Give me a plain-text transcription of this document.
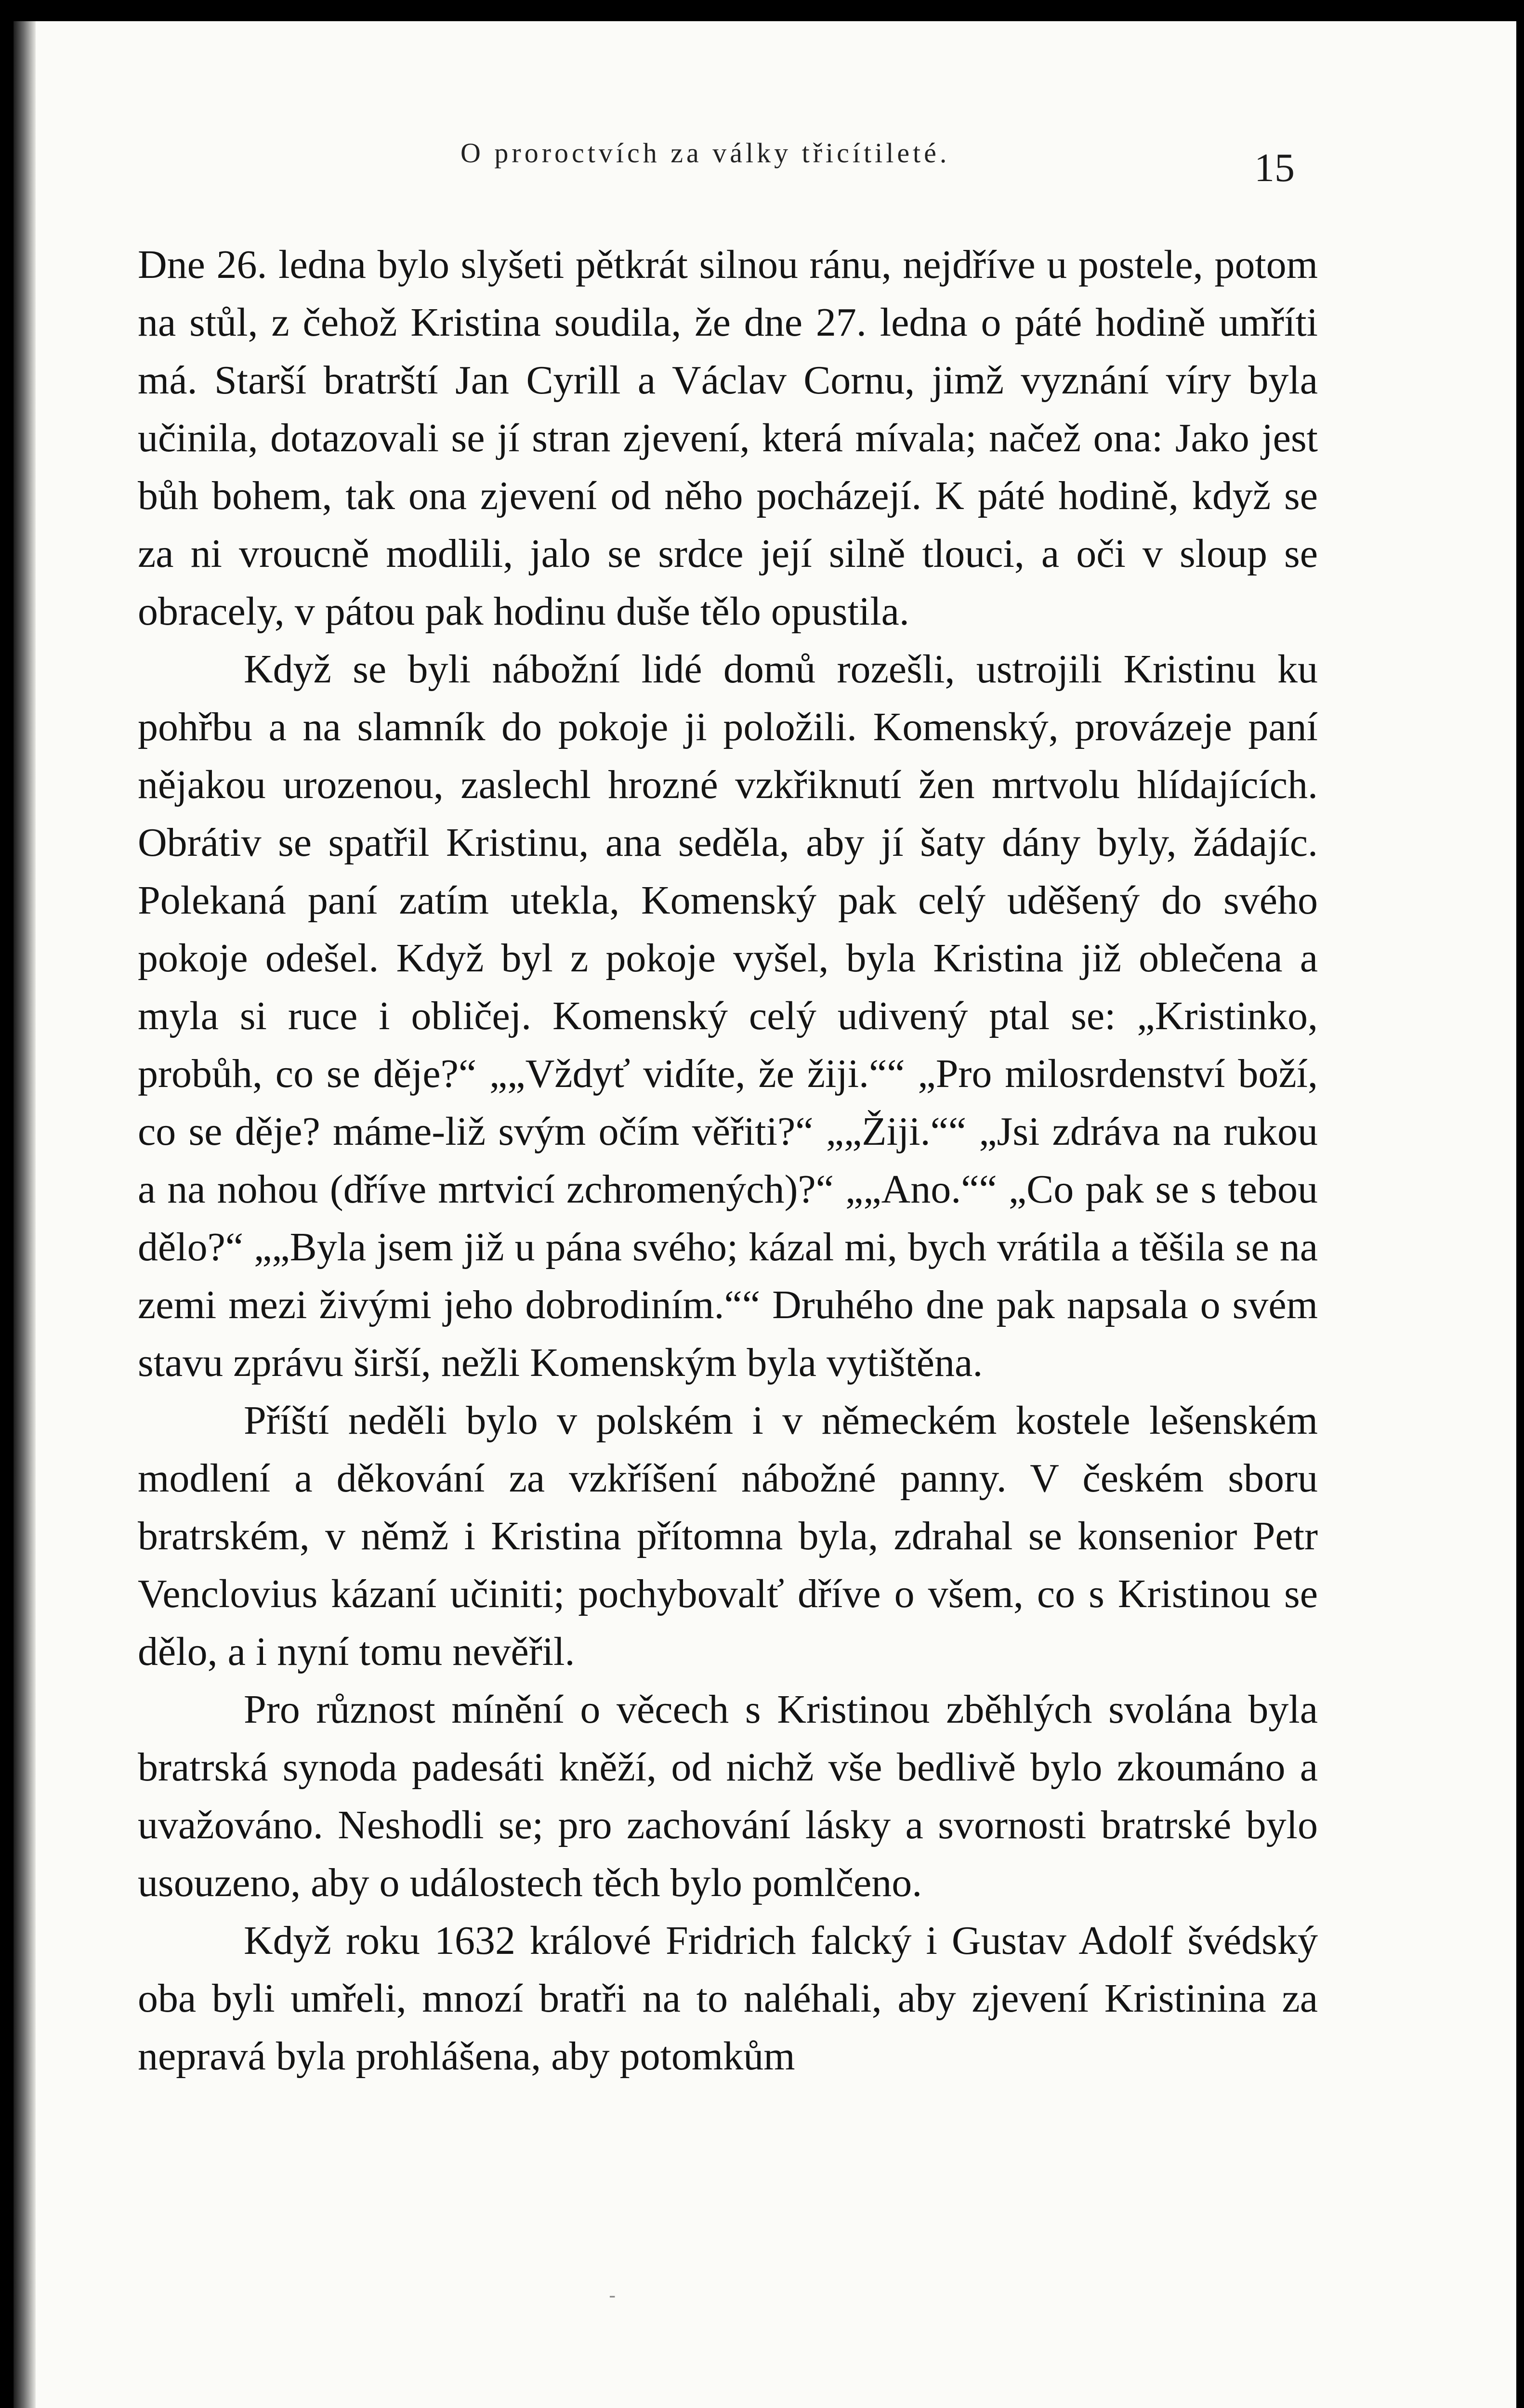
O proroctvích za války třicítileté.	15

Dne 26. ledna bylo slyšeti pětkrát silnou ránu, nejdříve u postele, potom na stůl, z čehož Kristina soudila, že dne 27. ledna o páté hodině umříti má. Starší bratrští Jan Cyrill a Václav Cornu, jimž vyznání víry byla učinila, dotazovali se jí stran zjevení, která mívala; načež ona: Jako jest bůh bohem, tak ona zjevení od něho pocházejí. K páté hodině, když se za ni vroucně modlili, jalo se srdce její silně tlouci, a oči v sloup se obracely, v pátou pak hodinu duše tělo opustila.

Když se byli nábožní lidé domů rozešli, ustrojili Kristinu ku pohřbu a na slamník do pokoje ji položili. Komenský, provázeje paní nějakou urozenou, zaslechl hrozné vzkřiknutí žen mrtvolu hlídajících. Obrátiv se spatřil Kristinu, ana seděla, aby jí šaty dány byly, žádajíc. Polekaná paní zatím utekla, Komenský pak celý uděšený do svého pokoje odešel. Když byl z pokoje vyšel, byla Kristina již oblečena a myla si ruce i obličej. Komenský celý udivený ptal se: „Kristinko, probůh, co se děje?“ „„Vždyť vidíte, že žiji.““ „Pro milosrdenství boží, co se děje? máme-liž svým očím věřiti?“ „„Žiji.““ „Jsi zdráva na rukou a na nohou (dříve mrtvicí zchromených)?“ „„Ano.““ „Co pak se s tebou dělo?“ „„Byla jsem již u pána svého; kázal mi, bych vrátila a těšila se na zemi mezi živými jeho dobrodiním.““ Druhého dne pak napsala o svém stavu zprávu širší, nežli Komenským byla vytištěna.

Příští neděli bylo v polském i v německém kostele lešenském modlení a děkování za vzkříšení nábožné panny. V českém sboru bratrském, v němž i Kristina přítomna byla, zdrahal se konsenior Petr Venclovius kázaní učiniti; pochybovalť dříve o všem, co s Kristinou se dělo, a i nyní tomu nevěřil.

Pro různost mínění o věcech s Kristinou zběhlých svolána byla bratrská synoda padesáti kněží, od nichž vše bedlivě bylo zkoumáno a uvažováno. Neshodli se; pro zachování lásky a svornosti bratrské bylo usouzeno, aby o událostech těch bylo pomlčeno.

Když roku 1632 králové Fridrich falcký i Gustav Adolf švédský oba byli umřeli, mnozí bratři na to naléhali, aby zjevení Kristinina za nepravá byla prohlášena, aby potomkům

-
